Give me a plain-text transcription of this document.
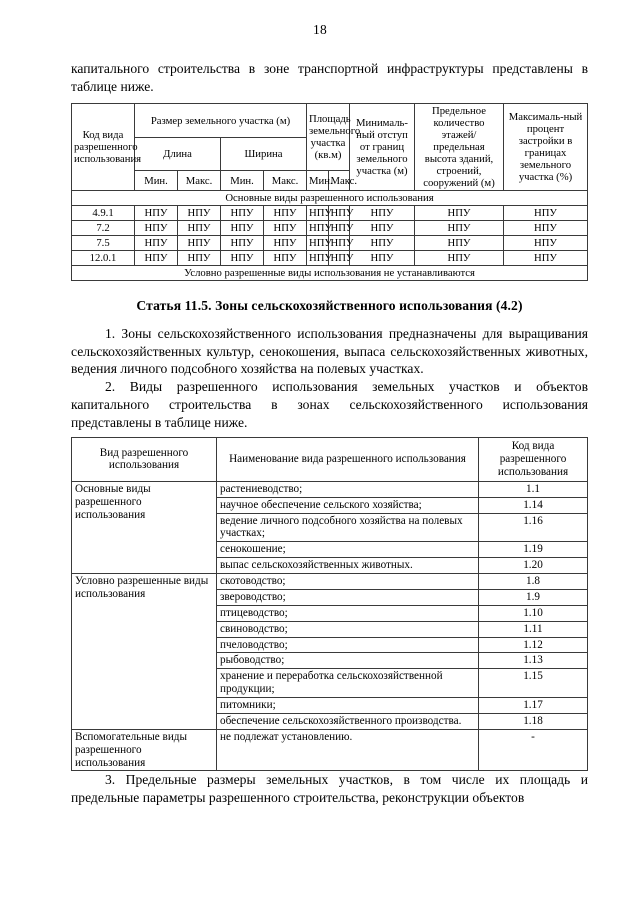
18

капитального строительства в зоне транспортной инфраструктуры представлены в таблице ниже.

Код вида разрешенного использования	Размер земельного участка (м)				Площадь земельного участка (кв.м)		Минималь-ный отступ от границ земельного участка (м)	Предельное количество этажей/ предельная высота зданий, строений, сооружений (м)	Максималь-ный процент застройки в границах земельного участка (%)
	Длина		Ширина						
	Мин.	Макс.	Мин.	Макс.	Мин.	Макс.			
Основные виды разрешенного использования									
4.9.1	НПУ	НПУ	НПУ	НПУ	НПУ	НПУ	НПУ	НПУ	НПУ
7.2	НПУ	НПУ	НПУ	НПУ	НПУ	НПУ	НПУ	НПУ	НПУ
7.5	НПУ	НПУ	НПУ	НПУ	НПУ	НПУ	НПУ	НПУ	НПУ
12.0.1	НПУ	НПУ	НПУ	НПУ	НПУ	НПУ	НПУ	НПУ	НПУ
Условно разрешенные виды использования не устанавливаются									
Статья 11.5. Зоны сельскохозяйственного использования (4.2)

1. Зоны сельскохозяйственного использования предназначены для выращивания сельскохозяйственных культур, сенокошения, выпаса сельскохозяйственных животных, ведения личного подсобного хозяйства на полевых участках.

2. Виды разрешенного использования земельных участков и объектов капитального строительства в зонах сельскохозяйственного использования представлены в таблице ниже.

Вид разрешенного использования	Наименование вида разрешенного использования	Код вида разрешенного использования
Основные виды разрешенного использования	растениеводство;	1.1
	научное обеспечение сельского хозяйства;	1.14
	ведение личного подсобного хозяйства на полевых участках;	1.16
	сенокошение;	1.19
	выпас сельскохозяйственных животных.	1.20
Условно разрешенные виды использования	скотоводство;	1.8
	звероводство;	1.9
	птицеводство;	1.10
	свиноводство;	1.11
	пчеловодство;	1.12
	рыбоводство;	1.13
	хранение и переработка сельскохозяйственной продукции;	1.15
	питомники;	1.17
	обеспечение сельскохозяйственного производства.	1.18
Вспомогательные виды разрешенного использования	не подлежат установлению.	-

3. Предельные размеры земельных участков, в том числе их площадь и предельные параметры разрешенного строительства, реконструкции объектов
